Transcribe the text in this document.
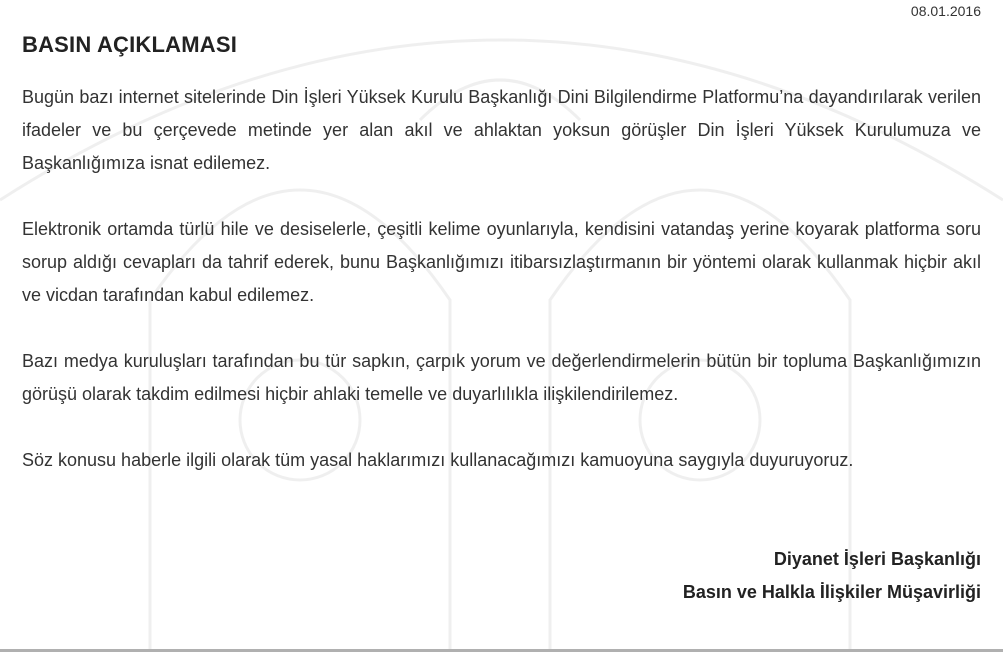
08.01.2016
BASIN AÇIKLAMASI

Bugün bazı internet sitelerinde Din İşleri Yüksek Kurulu Başkanlığı Dini Bilgilendirme Platformu’na dayandırılarak verilen ifadeler ve bu çerçevede metinde yer alan akıl ve ahlaktan yoksun görüşler Din İşleri Yüksek Kurulumuza ve Başkanlığımıza isnat edilemez.

Elektronik ortamda türlü hile ve desiselerle, çeşitli kelime oyunlarıyla, kendisini vatandaş yerine koyarak platforma soru sorup aldığı cevapları da tahrif ederek, bunu Başkanlığımızı itibarsızlaştırmanın bir yöntemi olarak kullanmak hiçbir akıl ve vicdan tarafından kabul edilemez.

Bazı medya kuruluşları tarafından bu tür sapkın, çarpık yorum ve değerlendirmelerin bütün bir topluma Başkanlığımızın görüşü olarak takdim edilmesi hiçbir ahlaki temelle ve duyarlılıkla ilişkilendirilemez.

Söz konusu haberle ilgili olarak tüm yasal haklarımızı kullanacağımızı kamuoyuna saygıyla duyuruyoruz.

Diyanet İşleri Başkanlığı
Basın ve Halkla İlişkiler Müşavirliği
